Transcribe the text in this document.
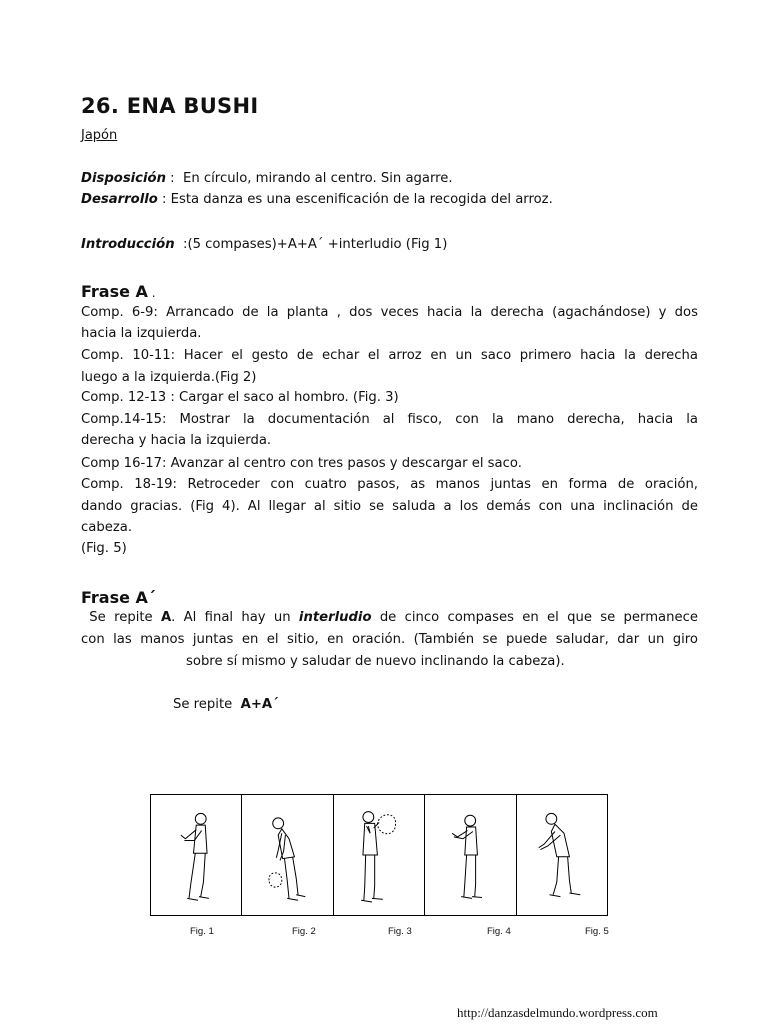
26. ENA BUSHI
Japón
Disposición :  En círculo, mirando al centro. Sin agarre.
Desarrollo : Esta danza es una escenificación de la recogida del arroz.
Introducción  :(5 compases)+A+A´ +interludio (Fig 1)
Frase A .
Comp. 6-9: Arrancado de la planta , dos veces hacia la derecha (agachándose) y dos
hacia la izquierda.
Comp. 10-11: Hacer el gesto de echar el arroz en un saco primero hacia la derecha
luego a la izquierda.(Fig 2)
Comp. 12-13 : Cargar el saco al hombro. (Fig. 3)
Comp.14-15: Mostrar la documentación al fisco, con la mano derecha, hacia la
derecha y hacia la izquierda.
Comp 16-17: Avanzar al centro con tres pasos y descargar el saco.
Comp. 18-19: Retroceder con cuatro pasos, as manos juntas en forma de oración,
dando gracias. (Fig 4). Al llegar al sitio se saluda a los demás con una inclinación de
cabeza.
(Fig. 5)
Frase A´
Se repite A. Al final hay un interludio de cinco compases en el que se permanece
con las manos juntas en el sitio, en oración. (También se puede saludar, dar un giro
sobre sí mismo y saludar de nuevo inclinando la cabeza).
Se repite  A+A´
Fig. 1	Fig. 2	Fig. 3	Fig. 4	Fig. 5
http://danzasdelmundo.wordpress.com
